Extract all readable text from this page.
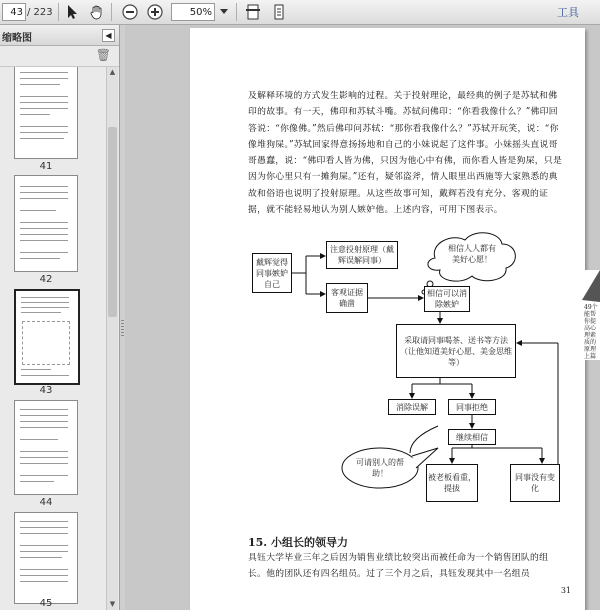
43 / 223	50%	工具
缩略图	◀
🗑
41
42
43
44
45
▲
▼

及解释环境的方式发生影响的过程。关于投射理论，最经典的例子是苏轼和佛印的故事。有一天，佛印和苏轼斗嘴。苏轼问佛印：“你看我像什么？”佛印回答说：“你像佛。”然后佛印问苏轼：“那你看我像什么？”苏轼开玩笑，说：“你像堆狗屎。”苏轼回家得意扬扬地和自己的小妹说起了这件事。小妹摇头直说哥哥愚蠢，说：“佛印看人皆为佛，只因为他心中有佛，而你看人皆是狗屎，只是因为你心里只有一摊狗屎。”还有，疑邻盗斧，情人眼里出西施等大家熟悉的典故和俗语也说明了投射原理。从这些故事可知，戴辉若没有充分、客观的证据，就不能轻易地认为别人嫉妒他。上述内容，可用下图表示。

戴辉觉得同事嫉妒自己
注意投射原理（戴辉误解同事）
客观证据确凿
相信人人都有美好心愿！
相信可以消除嫉妒
采取请同事喝茶、送书等方法（让他知道美好心愿、美金思维等）
消除误解	同事拒绝
继续相信
可请别人的帮助！	被老板看重，提拔
同事没有变化
15. 小组长的领导力

具钰大学毕业三年之后因为销售业绩比较突出而被任命为一个销售团队的组长。他的团队还有四名组员。过了三个月之后，具钰发现其中一名组员

31
49个能帮你提高心理素质的原理 上篇
